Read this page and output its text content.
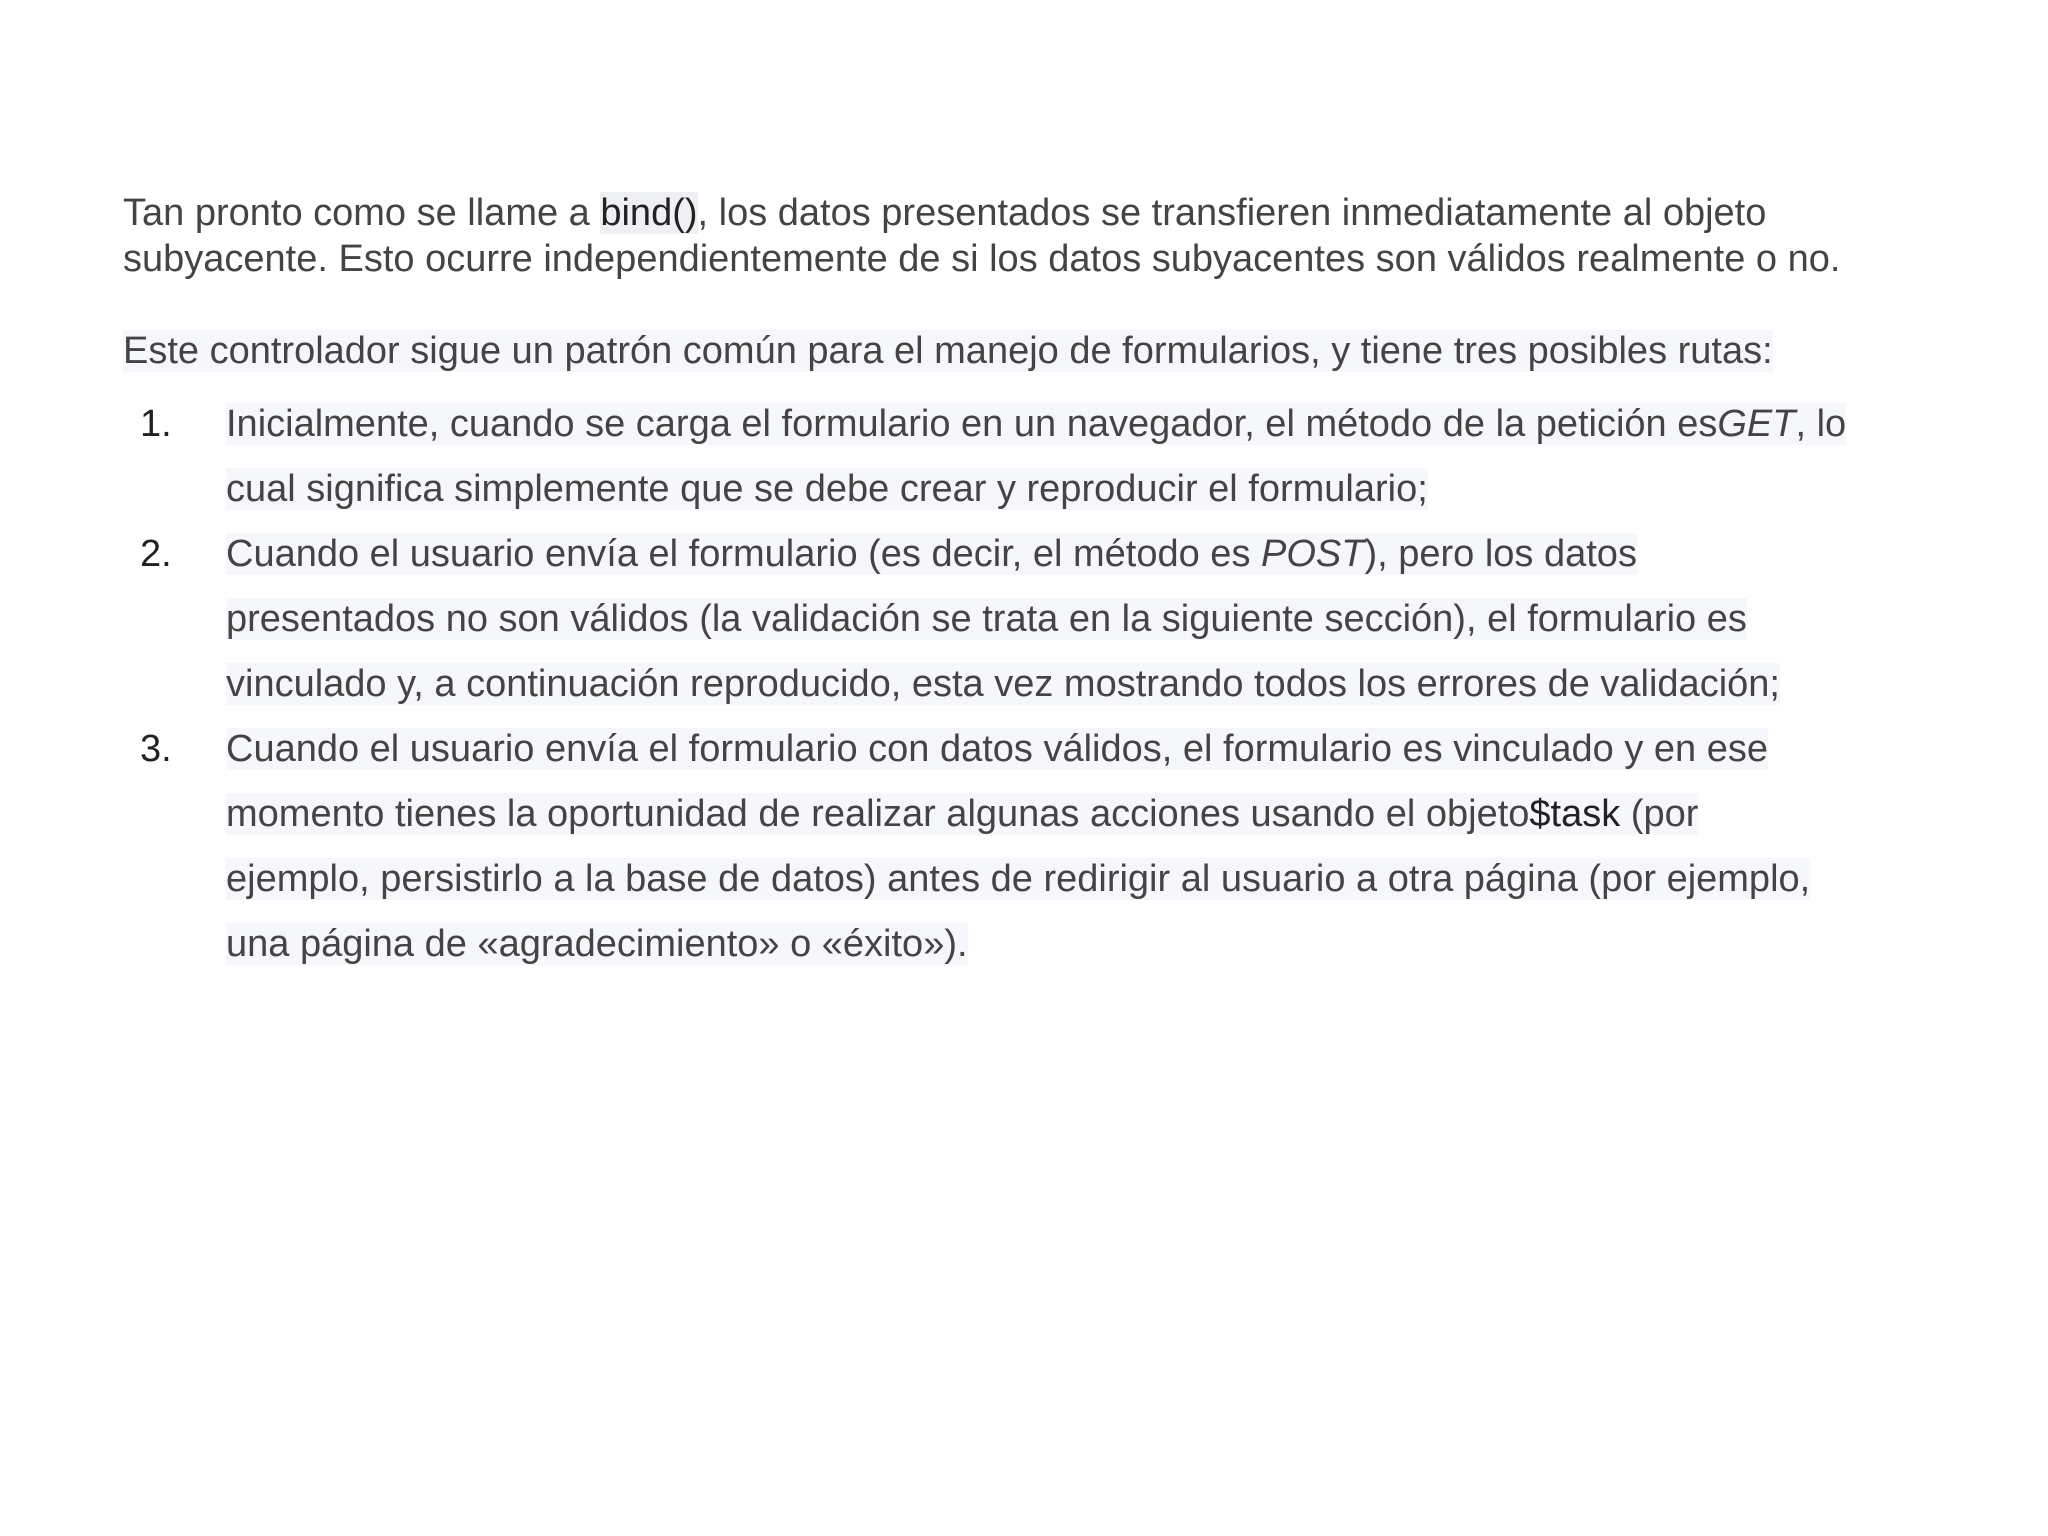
Tan pronto como se llame a bind(), los datos presentados se transfieren inmediatamente al objeto
subyacente. Esto ocurre independientemente de si los datos subyacentes son válidos realmente o no.

Este controlador sigue un patrón común para el manejo de formularios, y tiene tres posibles rutas:

1. Inicialmente, cuando se carga el formulario en un navegador, el método de la petición esGET, lo
cual significa simplemente que se debe crear y reproducir el formulario;
2. Cuando el usuario envía el formulario (es decir, el método es POST), pero los datos
presentados no son válidos (la validación se trata en la siguiente sección), el formulario es
vinculado y, a continuación reproducido, esta vez mostrando todos los errores de validación;
3. Cuando el usuario envía el formulario con datos válidos, el formulario es vinculado y en ese
momento tienes la oportunidad de realizar algunas acciones usando el objeto$task (por
ejemplo, persistirlo a la base de datos) antes de redirigir al usuario a otra página (por ejemplo,
una página de «agradecimiento» o «éxito»).
